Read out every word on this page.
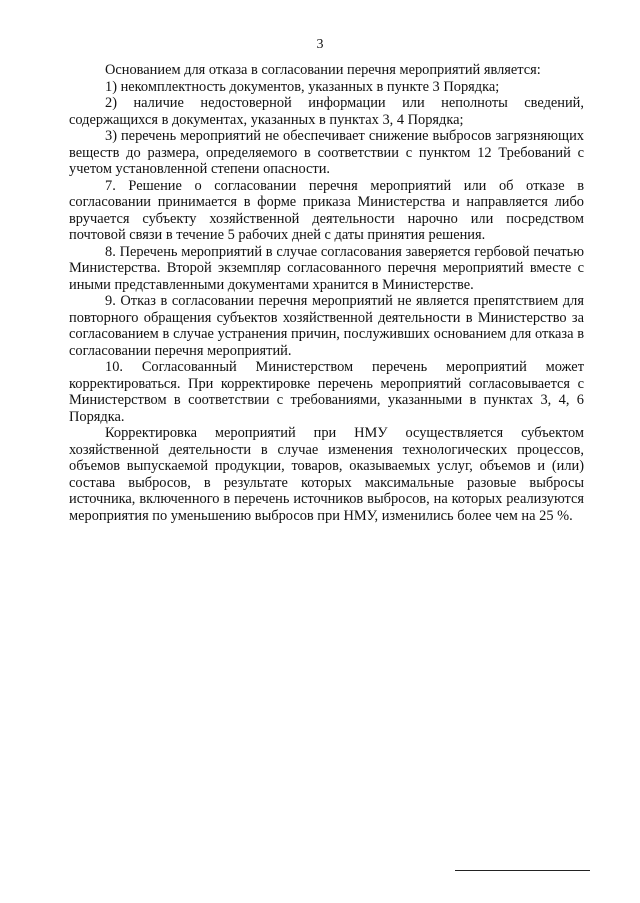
3

Основанием для отказа в согласовании перечня мероприятий является:

1) некомплектность документов, указанных в пункте 3 Порядка;

2) наличие недостоверной информации или неполноты сведений, содержащихся в документах, указанных в пунктах 3, 4 Порядка;

3) перечень мероприятий не обеспечивает снижение выбросов загрязняющих веществ до размера, определяемого в соответствии с пунктом 12 Требований с учетом установленной степени опасности.

7. Решение о согласовании перечня мероприятий или об отказе в согласовании принимается в форме приказа Министерства и направляется либо вручается субъекту хозяйственной деятельности нарочно или посредством почтовой связи в течение 5 рабочих дней с даты принятия решения.

8. Перечень мероприятий в случае согласования заверяется гербовой печатью Министерства. Второй экземпляр согласованного перечня мероприятий вместе с иными представленными документами хранится в Министерстве.

9. Отказ в согласовании перечня мероприятий не является препятствием для повторного обращения субъектов хозяйственной деятельности в Министерство за согласованием в случае устранения причин, послуживших основанием для отказа в согласовании перечня мероприятий.

10. Согласованный Министерством перечень мероприятий может корректироваться. При корректировке перечень мероприятий согласовывается с Министерством в соответствии с требованиями, указанными в пунктах 3, 4, 6 Порядка.

Корректировка мероприятий при НМУ осуществляется субъектом хозяйственной деятельности в случае изменения технологических процессов, объемов выпускаемой продукции, товаров, оказываемых услуг, объемов и (или) состава выбросов, в результате которых максимальные разовые выбросы источника, включенного в перечень источников выбросов, на которых реализуются мероприятия по уменьшению выбросов при НМУ, изменились более чем на 25 %.
